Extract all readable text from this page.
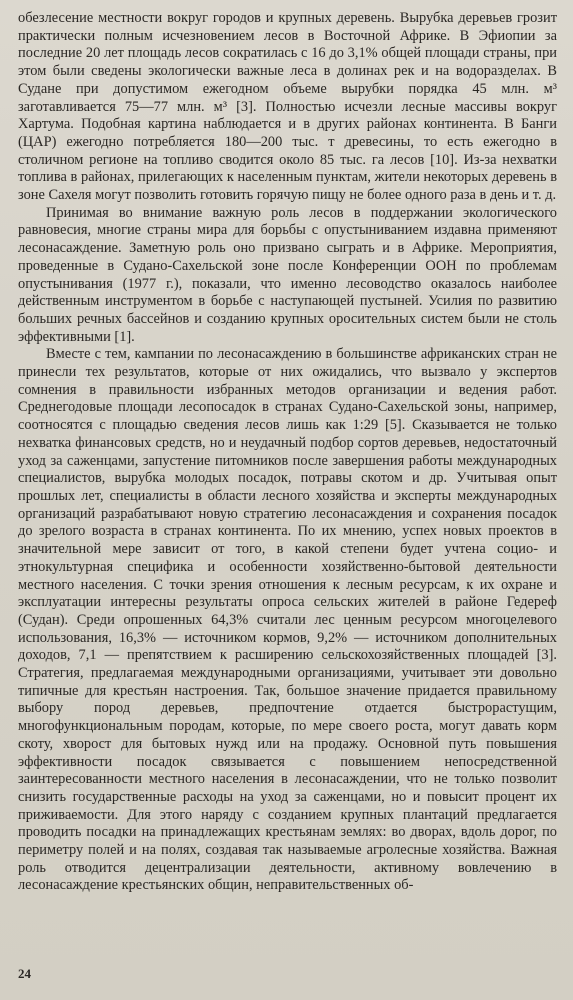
обезлесение местности вокруг городов и крупных деревень. Вырубка деревьев грозит практически полным исчезновением лесов в Восточной Африке. В Эфиопии за последние 20 лет площадь лесов сократилась с 16 до 3,1% общей площади страны, при этом были сведены экологически важные леса в долинах рек и на водоразделах. В Судане при допустимом ежегодном объеме вырубки порядка 45 млн. м³ заготавливается 75—77 млн. м³ [3]. Полностью исчезли лесные массивы вокруг Хартума. Подобная картина наблюдается и в других районах континента. В Банги (ЦАР) ежегодно потребляется 180—200 тыс. т древесины, то есть ежегодно в столичном регионе на топливо сводится около 85 тыс. га лесов [10]. Из-за нехватки топлива в районах, прилегающих к населенным пунктам, жители некоторых деревень в зоне Сахеля могут позволить готовить горячую пищу не более одного раза в день и т. д.

Принимая во внимание важную роль лесов в поддержании экологического равновесия, многие страны мира для борьбы с опустыниванием издавна применяют лесонасаждение. Заметную роль оно призвано сыграть и в Африке. Мероприятия, проведенные в Судано-Сахельской зоне после Конференции ООН по проблемам опустынивания (1977 г.), показали, что именно лесоводство оказалось наиболее действенным инструментом в борьбе с наступающей пустыней. Усилия по развитию больших речных бассейнов и созданию крупных оросительных систем были не столь эффективными [1].

Вместе с тем, кампании по лесонасаждению в большинстве африканских стран не принесли тех результатов, которые от них ожидались, что вызвало у экспертов сомнения в правильности избранных методов организации и ведения работ. Среднегодовые площади лесопосадок в странах Судано-Сахельской зоны, например, соотносятся с площадью сведения лесов лишь как 1:29 [5]. Сказывается не только нехватка финансовых средств, но и неудачный подбор сортов деревьев, недостаточный уход за саженцами, запустение питомников после завершения работы международных специалистов, вырубка молодых посадок, потравы скотом и др. Учитывая опыт прошлых лет, специалисты в области лесного хозяйства и эксперты международных организаций разрабатывают новую стратегию лесонасаждения и сохранения посадок до зрелого возраста в странах континента. По их мнению, успех новых проектов в значительной мере зависит от того, в какой степени будет учтена социо- и этнокультурная специфика и особенности хозяйственно-бытовой деятельности местного населения. С точки зрения отношения к лесным ресурсам, к их охране и эксплуатации интересны результаты опроса сельских жителей в районе Гедереф (Судан). Среди опрошенных 64,3% считали лес ценным ресурсом многоцелевого использования, 16,3% — источником кормов, 9,2% — источником дополнительных доходов, 7,1 — препятствием к расширению сельскохозяйственных площадей [3]. Стратегия, предлагаемая международными организациями, учитывает эти довольно типичные для крестьян настроения. Так, большое значение придается правильному выбору пород деревьев, предпочтение отдается быстрорастущим, многофункциональным породам, которые, по мере своего роста, могут давать корм скоту, хворост для бытовых нужд или на продажу. Основной путь повышения эффективности посадок связывается с повышением непосредственной заинтересованности местного населения в лесонасаждении, что не только позволит снизить государственные расходы на уход за саженцами, но и повысит процент их приживаемости. Для этого наряду с созданием крупных плантаций предлагается проводить посадки на принадлежащих крестьянам землях: во дворах, вдоль дорог, по периметру полей и на полях, создавая так называемые агролесные хозяйства. Важная роль отводится децентрализации деятельности, активному вовлечению в лесонасаждение крестьянских общин, неправительственных об-

24
